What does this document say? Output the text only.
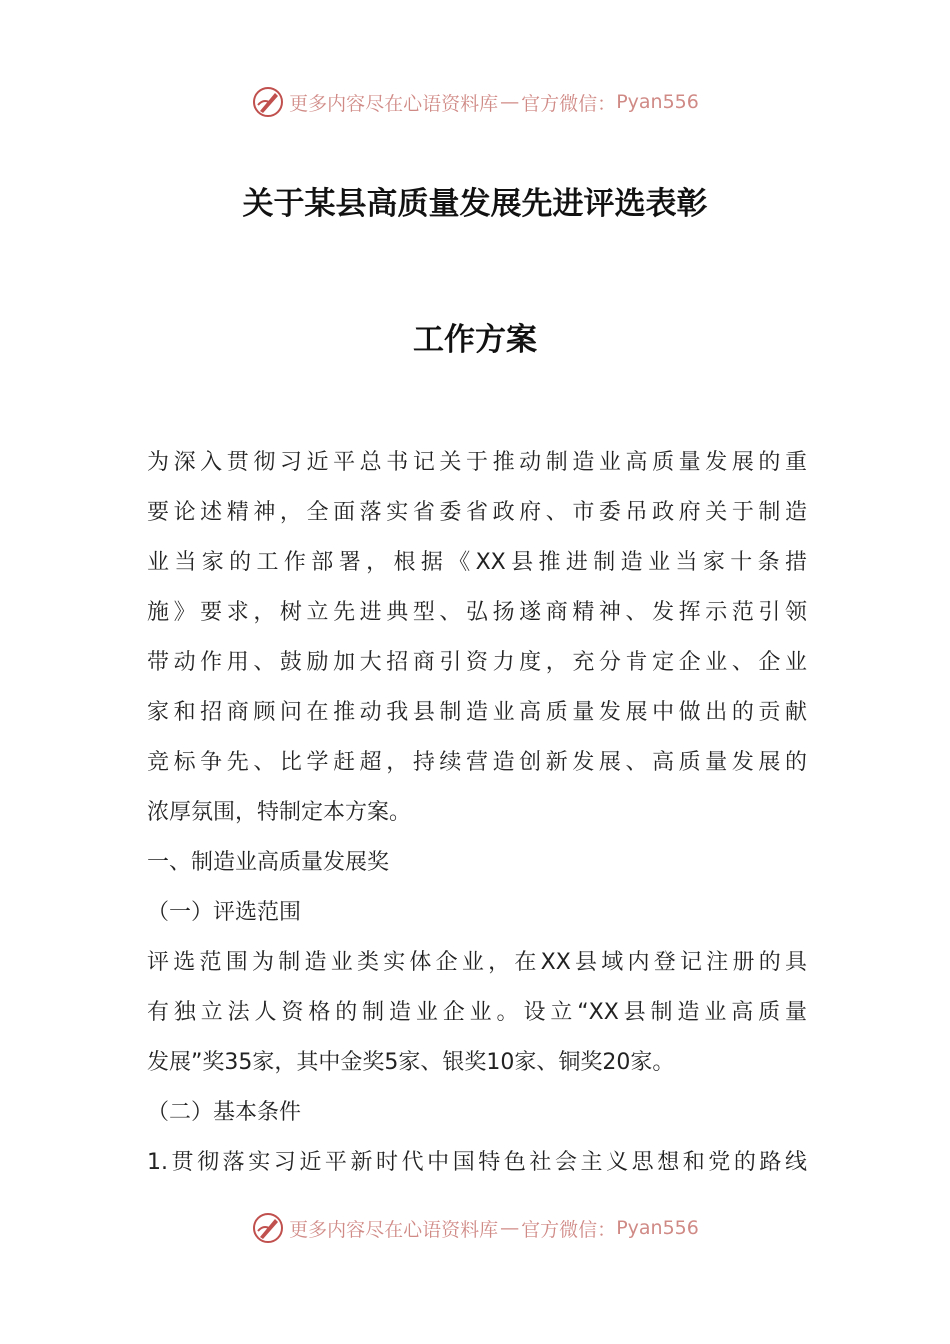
更多内容尽在心语资料库 — 官方微信： Pyan556
关于某县高质量发展先进评选表彰
工作方案
为深入贯彻习近平总书记关于推动制造业高质量发展的重
要论述精神，全面落实省委省政府、市委吊政府关于制造
业当家的工作部署，根据《XX县推进制造业当家十条措
施》要求，树立先进典型、弘扬遂商精神、发挥示范引领
带动作用、鼓励加大招商引资力度，充分肯定企业、企业
家和招商顾问在推动我县制造业高质量发展中做出的贡献
竞标争先、比学赶超，持续营造创新发展、高质量发展的
浓厚氛围，特制定本方案。
一、制造业高质量发展奖
（一）评选范围
评选范围为制造业类实体企业，在XX县域内登记注册的具
有独立法人资格的制造业企业。设立“XX县制造业高质量
发展”奖35家，其中金奖5家、银奖10家、铜奖20家。
（二）基本条件
1.贯彻落实习近平新时代中国特色社会主义思想和党的路线
更多内容尽在心语资料库 — 官方微信： Pyan556
